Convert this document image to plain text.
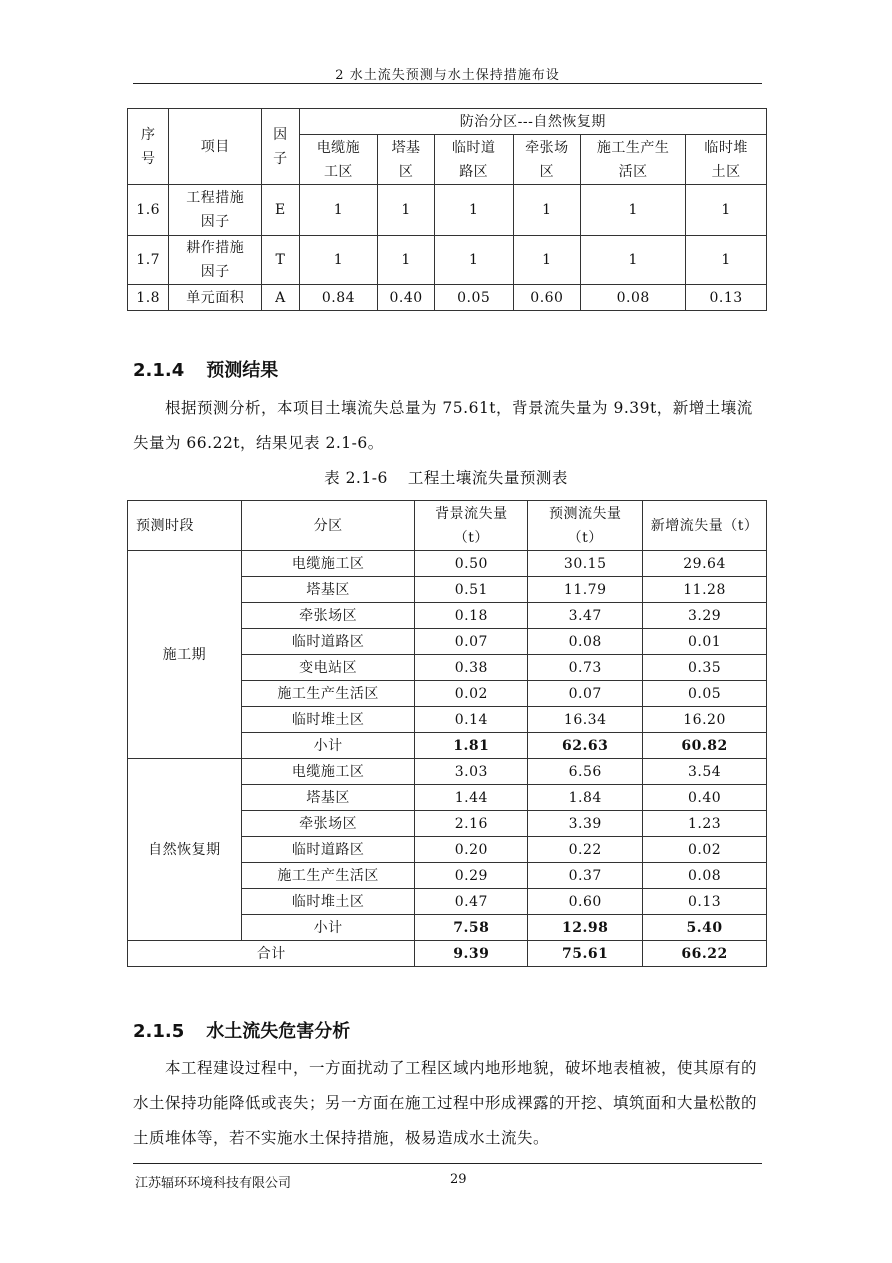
2 水土流失预测与水土保持措施布设
序号	项目	因子	防治分区---自然恢复期					
			电缆施工区	塔基区	临时道路区	牵张场区	施工生产生活区	临时堆土区
1.6	工程措施因子	E	1	1	1	1	1	1
1.7	耕作措施因子	T	1	1	1	1	1	1
1.8	单元面积	A	0.84	0.40	0.05	0.60	0.08	0.13
2.1.4 预测结果

根据预测分析，本项目土壤流失总量为 75.61t，背景流失量为 9.39t，新增土壤流失量为 66.22t，结果见表 2.1-6。

表 2.1-6 工程土壤流失量预测表
预测时段	分区	背景流失量（t）	预测流失量（t）	新增流失量（t）
施工期	电缆施工区	0.50	30.15	29.64
	塔基区	0.51	11.79	11.28
	牵张场区	0.18	3.47	3.29
	临时道路区	0.07	0.08	0.01
	变电站区	0.38	0.73	0.35
	施工生产生活区	0.02	0.07	0.05
	临时堆土区	0.14	16.34	16.20
	小计	1.81	62.63	60.82
自然恢复期	电缆施工区	3.03	6.56	3.54
	塔基区	1.44	1.84	0.40
	牵张场区	2.16	3.39	1.23
	临时道路区	0.20	0.22	0.02
	施工生产生活区	0.29	0.37	0.08
	临时堆土区	0.47	0.60	0.13
	小计	7.58	12.98	5.40
合计		9.39	75.61	66.22
2.1.5 水土流失危害分析

本工程建设过程中，一方面扰动了工程区域内地形地貌，破坏地表植被，使其原有的水土保持功能降低或丧失；另一方面在施工过程中形成裸露的开挖、填筑面和大量松散的土质堆体等，若不实施水土保持措施，极易造成水土流失。

江苏辐环环境科技有限公司	29
